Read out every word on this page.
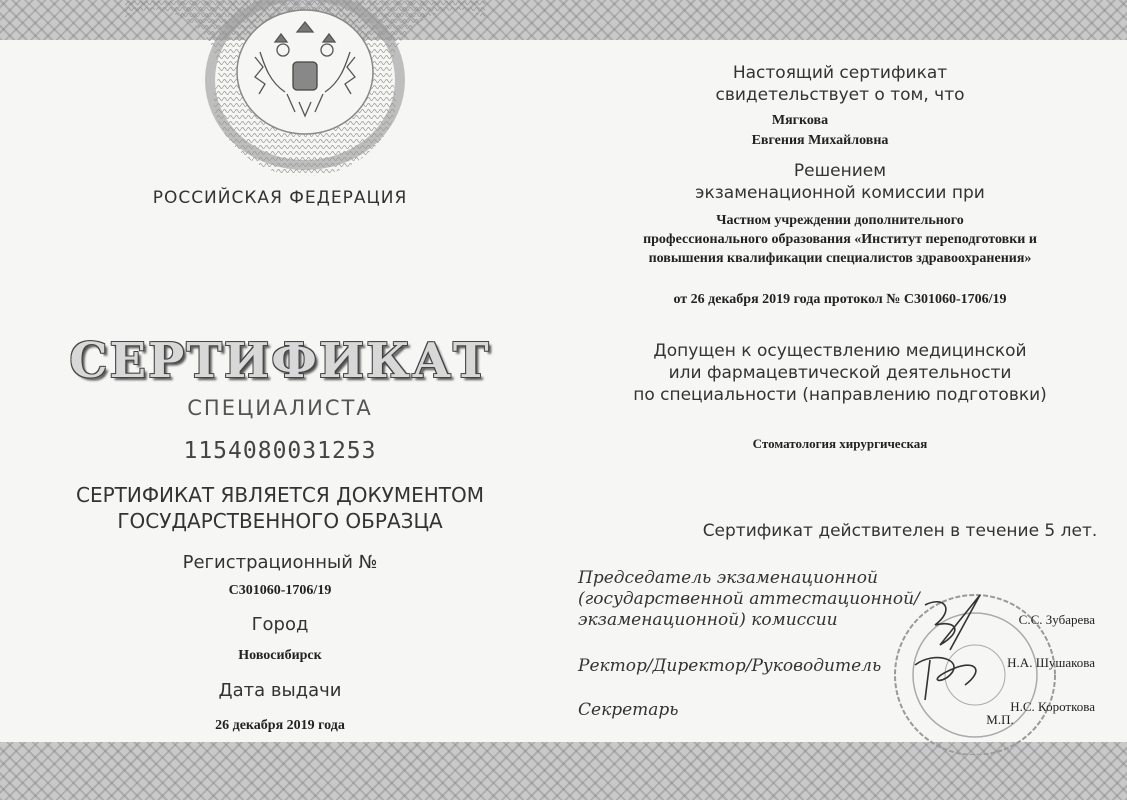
РОССИЙСКАЯ ФЕДЕРАЦИЯ
СЕРТИФИКАТ
СПЕЦИАЛИСТА
1154080031253
СЕРТИФИКАТ ЯВЛЯЕТСЯ ДОКУМЕНТОМ
ГОСУДАРСТВЕННОГО ОБРАЗЦА
Регистрационный №
С301060-1706/19
Город
Новосибирск
Дата выдачи
26 декабря 2019 года
Настоящий сертификат
свидетельствует о том, что
Мягкова
Евгения Михайловна
Решением
экзаменационной комиссии при
Частном учреждении дополнительного
профессионального образования «Институт переподготовки и
повышения квалификации специалистов здравоохранения»
от 26 декабря 2019 года протокол № С301060-1706/19
Допущен к осуществлению медицинской
или фармацевтической деятельности
по специальности (направлению подготовки)
Стоматология хирургическая
Сертификат действителен в течение 5 лет.
Председатель экзаменационной
(государственной аттестационной/
экзаменационной) комиссии	С.С. Зубарева
Ректор/Директор/Руководитель	Н.А. Шушакова
Секретарь	Н.С. Короткова
М.П.
